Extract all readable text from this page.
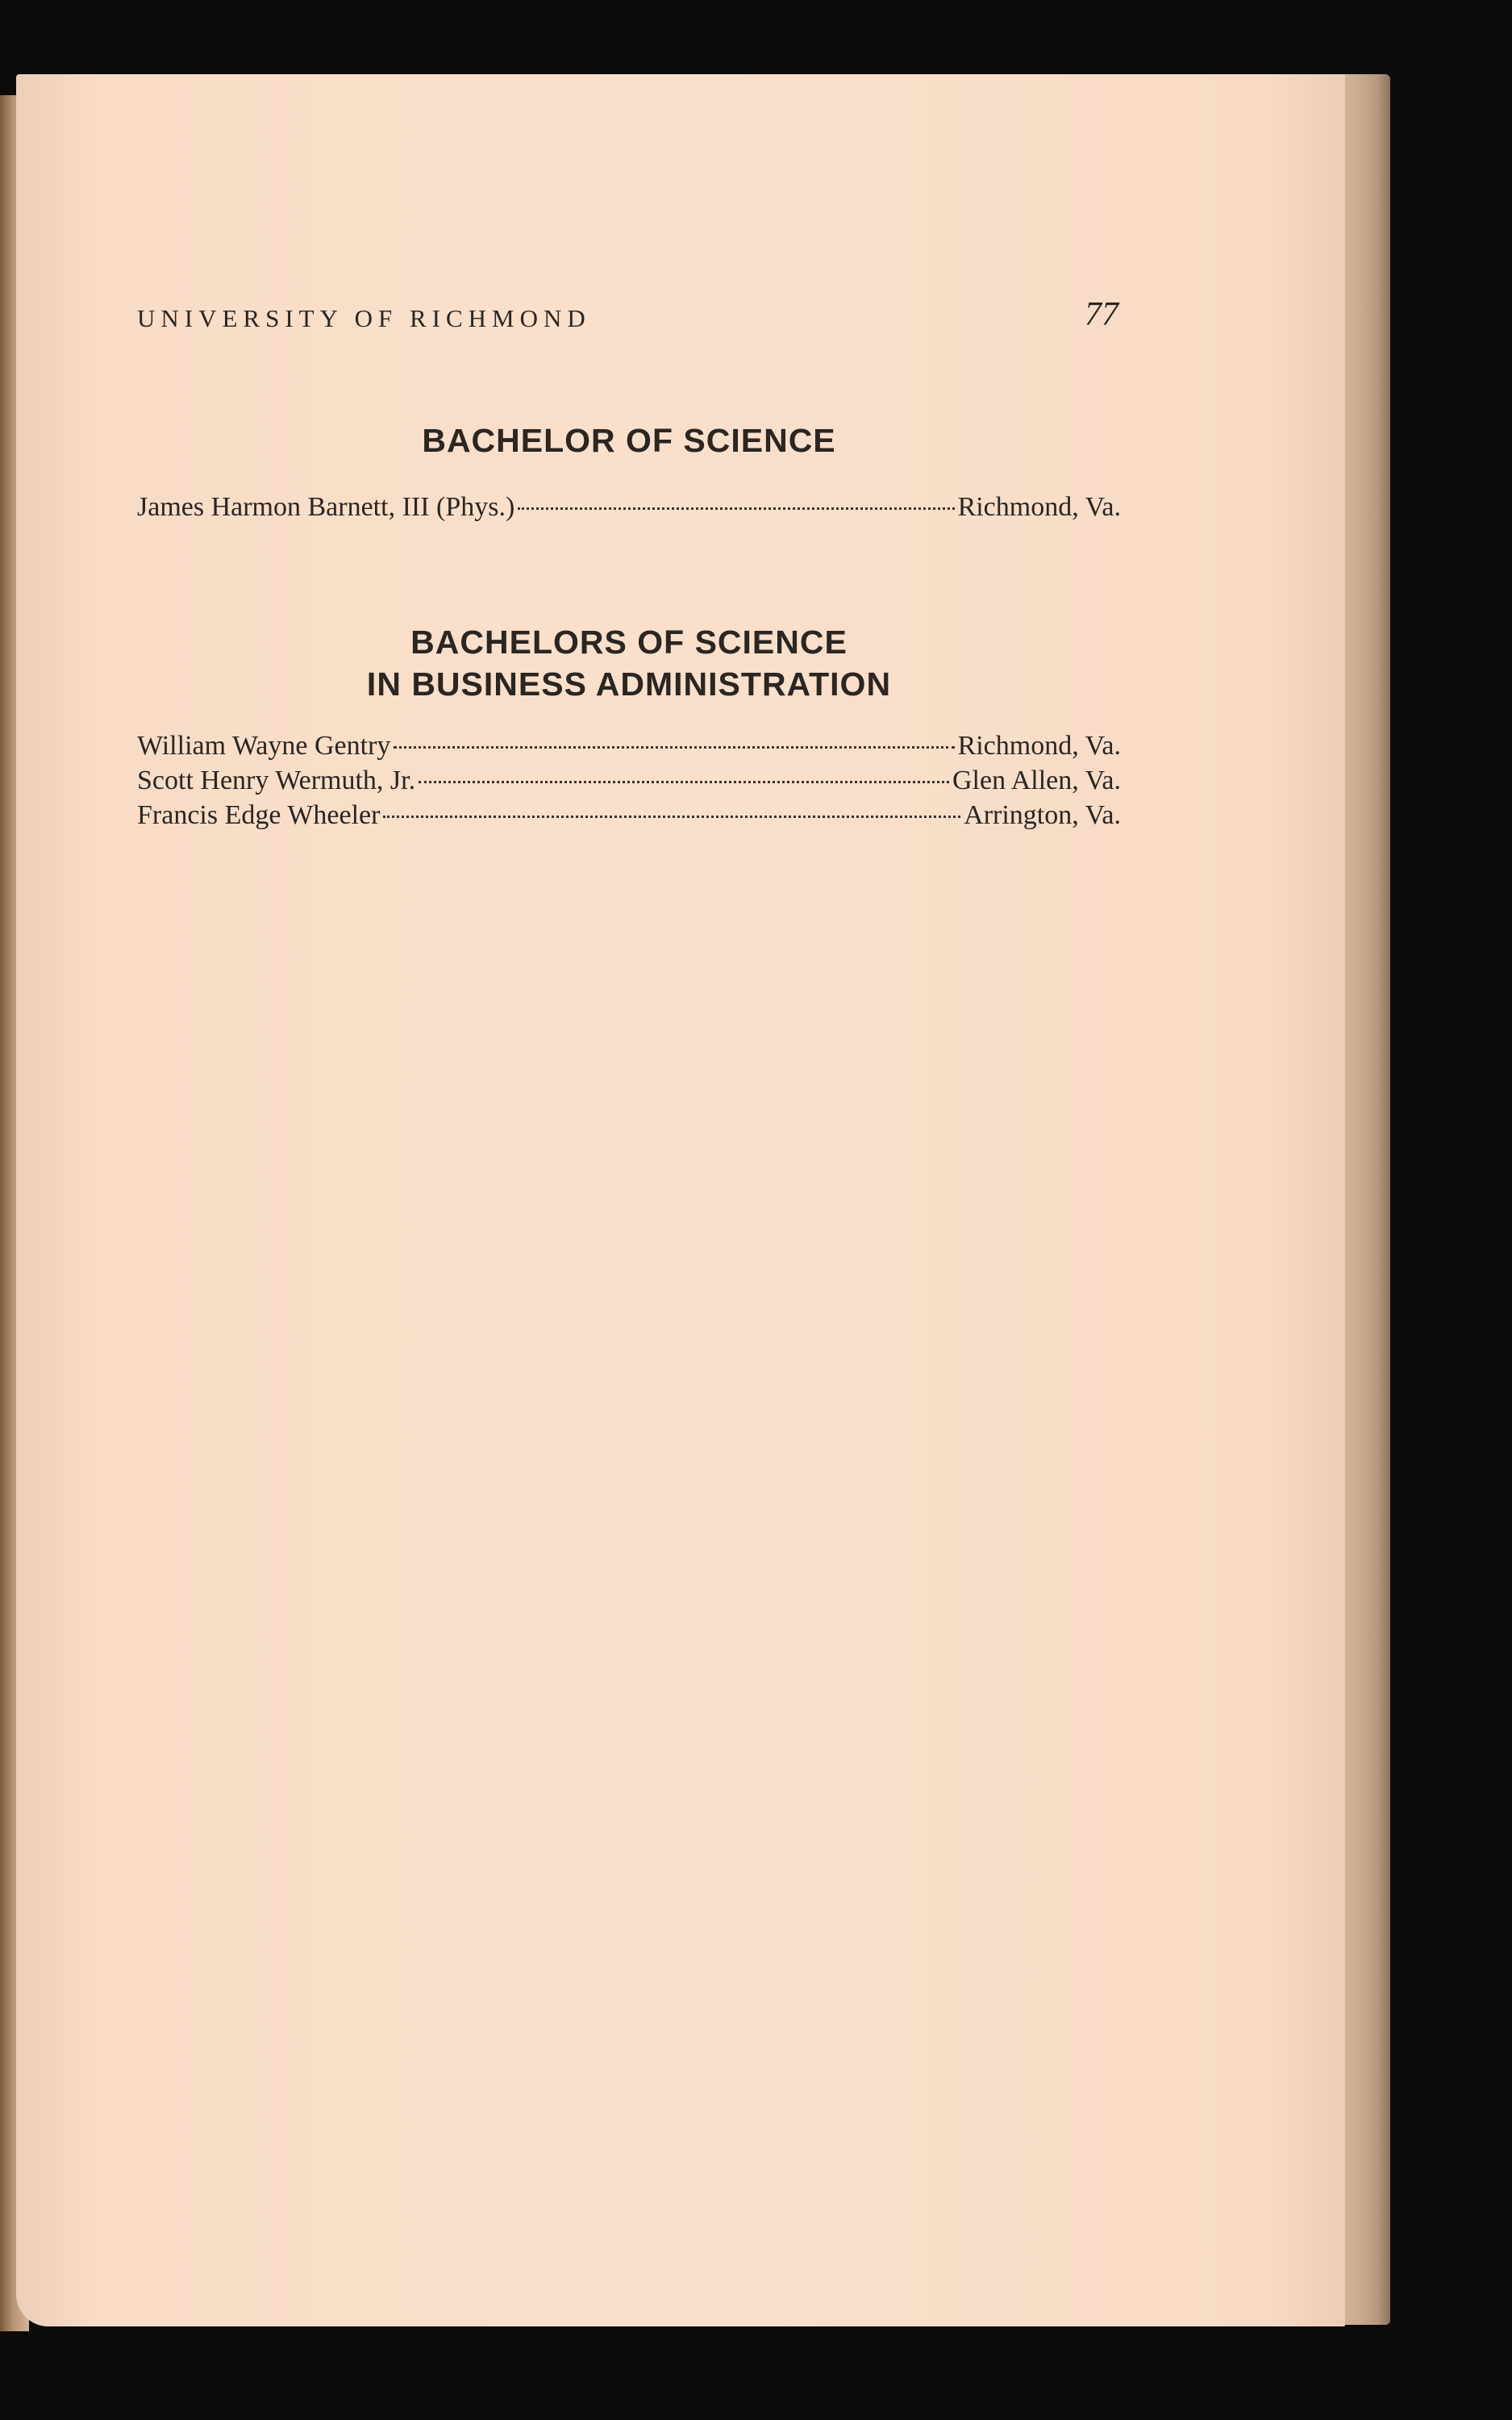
UNIVERSITY OF RICHMOND	77
BACHELOR OF SCIENCE
James Harmon Barnett, III (Phys.)	Richmond, Va.
BACHELORS OF SCIENCE
IN BUSINESS ADMINISTRATION
William Wayne Gentry	Richmond, Va.
Scott Henry Wermuth, Jr.	Glen Allen, Va.
Francis Edge Wheeler	Arrington, Va.
